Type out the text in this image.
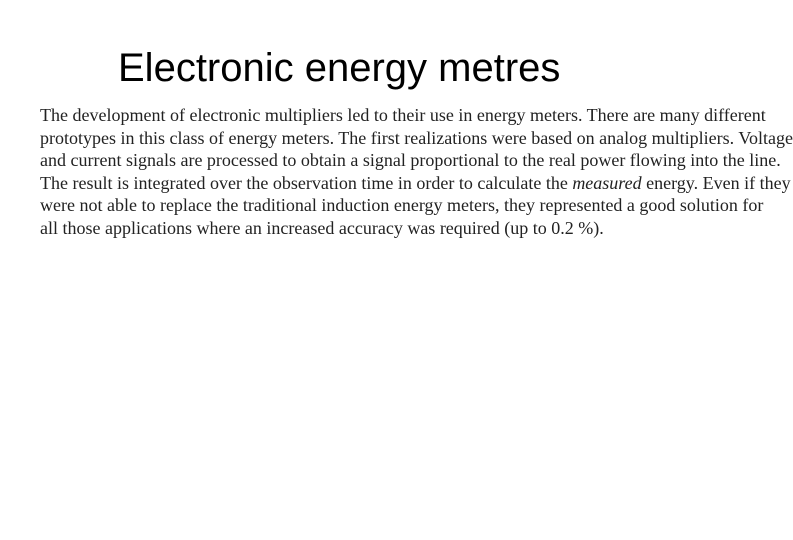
Electronic energy metres
The development of electronic multipliers led to their use in energy meters. There are many different
prototypes in this class of energy meters. The first realizations were based on analog multipliers. Voltage
and current signals are processed to obtain a signal proportional to the real power flowing into the line.
The result is integrated over the observation time in order to calculate the measured energy. Even if they
were not able to replace the traditional induction energy meters, they represented a good solution for
all those applications where an increased accuracy was required (up to 0.2 %).
